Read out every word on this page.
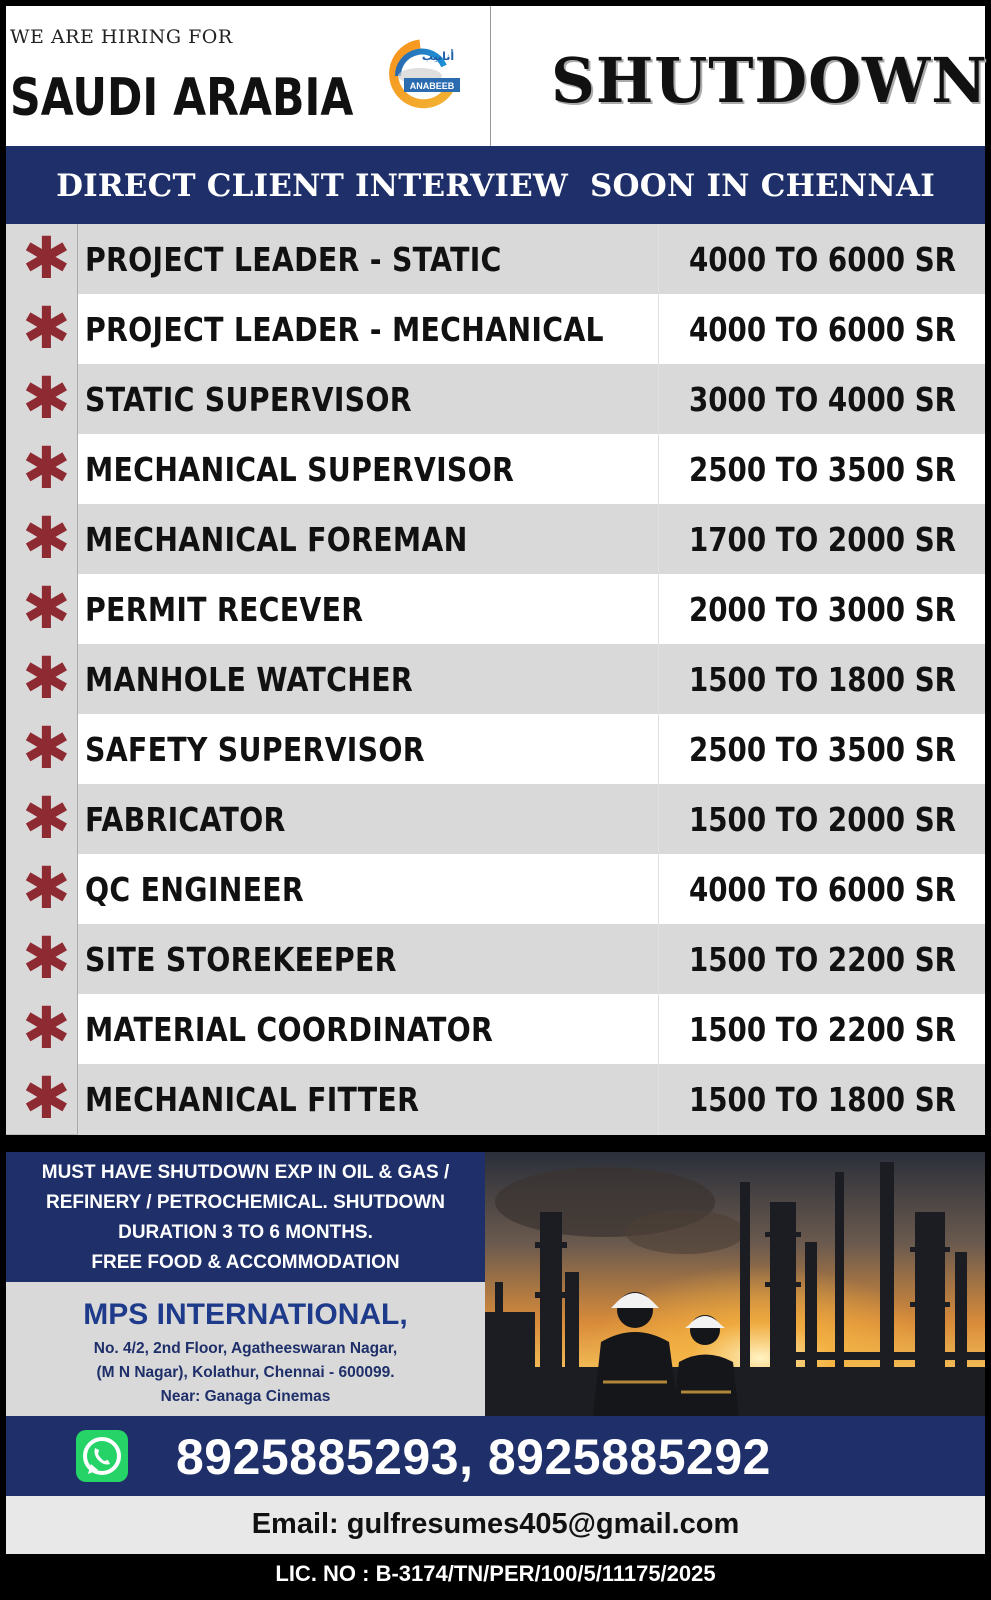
WE ARE HIRING FOR
SAUDI ARABIA	ANABEEB
أنابيب SHUTDOWN
DIRECT CLIENT INTERVIEW  SOON IN CHENNAI
✱ PROJECT LEADER - STATIC	4000 TO 6000 SR
✱ PROJECT LEADER - MECHANICAL	4000 TO 6000 SR
✱ STATIC SUPERVISOR	3000 TO 4000 SR
✱ MECHANICAL SUPERVISOR	2500 TO 3500 SR
✱ MECHANICAL FOREMAN	1700 TO 2000 SR
✱ PERMIT RECEVER	2000 TO 3000 SR
✱ MANHOLE WATCHER	1500 TO 1800 SR
✱ SAFETY SUPERVISOR	2500 TO 3500 SR
✱ FABRICATOR	1500 TO 2000 SR
✱ QC ENGINEER	4000 TO 6000 SR
✱ SITE STOREKEEPER	1500 TO 2200 SR
✱ MATERIAL COORDINATOR	1500 TO 2200 SR
✱ MECHANICAL FITTER	1500 TO 1800 SR
MUST HAVE SHUTDOWN EXP IN OIL & GAS /
REFINERY / PETROCHEMICAL. SHUTDOWN
DURATION 3 TO 6 MONTHS.
FREE FOOD & ACCOMMODATION
MPS INTERNATIONAL,
No. 4/2, 2nd Floor, Agatheeswaran Nagar,
(M N Nagar), Kolathur, Chennai - 600099.
Near: Ganaga Cinemas
8925885293, 8925885292
Email: gulfresumes405@gmail.com
LIC. NO : B-3174/TN/PER/100/5/11175/2025
